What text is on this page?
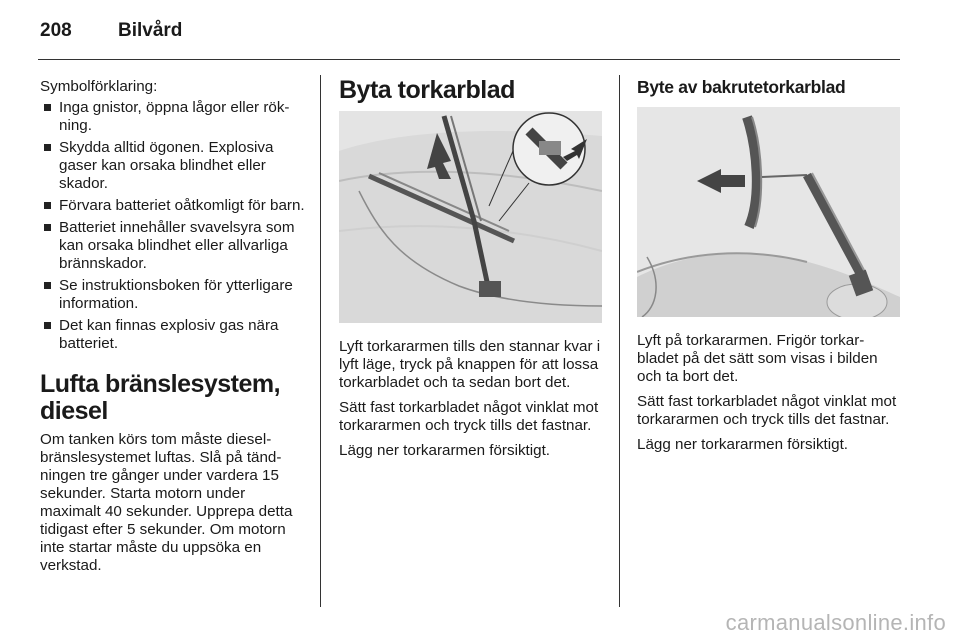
208 Bilvård
Symbolförklaring:
Inga gnistor, öppna lågor eller rök- ning.
Skydda alltid ögonen. Explosiva gaser kan orsaka blindhet eller skador.
Förvara batteriet oåtkomligt för barn.
Batteriet innehåller svavelsyra som kan orsaka blindhet eller allvarliga brännskador.
Se instruktionsboken för ytterligare information.
Det kan finnas explosiv gas nära batteriet.
Lufta bränslesystem, diesel

Om tanken körs tom måste diesel- bränslesystemet luftas. Slå på tänd- ningen tre gånger under vardera 15 sekunder. Starta motorn under maximalt 40 sekunder. Upprepa detta tidigast efter 5 sekunder. Om motorn inte startar måste du uppsöka en verkstad.

Byta torkarblad

Lyft torkararmen tills den stannar kvar i lyft läge, tryck på knappen för att lossa torkarbladet och ta sedan bort det.

Sätt fast torkarbladet något vinklat mot torkararmen och tryck tills det fastnar.

Lägg ner torkararmen försiktigt.

Byte av bakrutetorkarblad

Lyft på torkararmen. Frigör torkar- bladet på det sätt som visas i bilden och ta bort det.

Sätt fast torkarbladet något vinklat mot torkararmen och tryck tills det fastnar.

Lägg ner torkararmen försiktigt.

carmanualsonline.info
